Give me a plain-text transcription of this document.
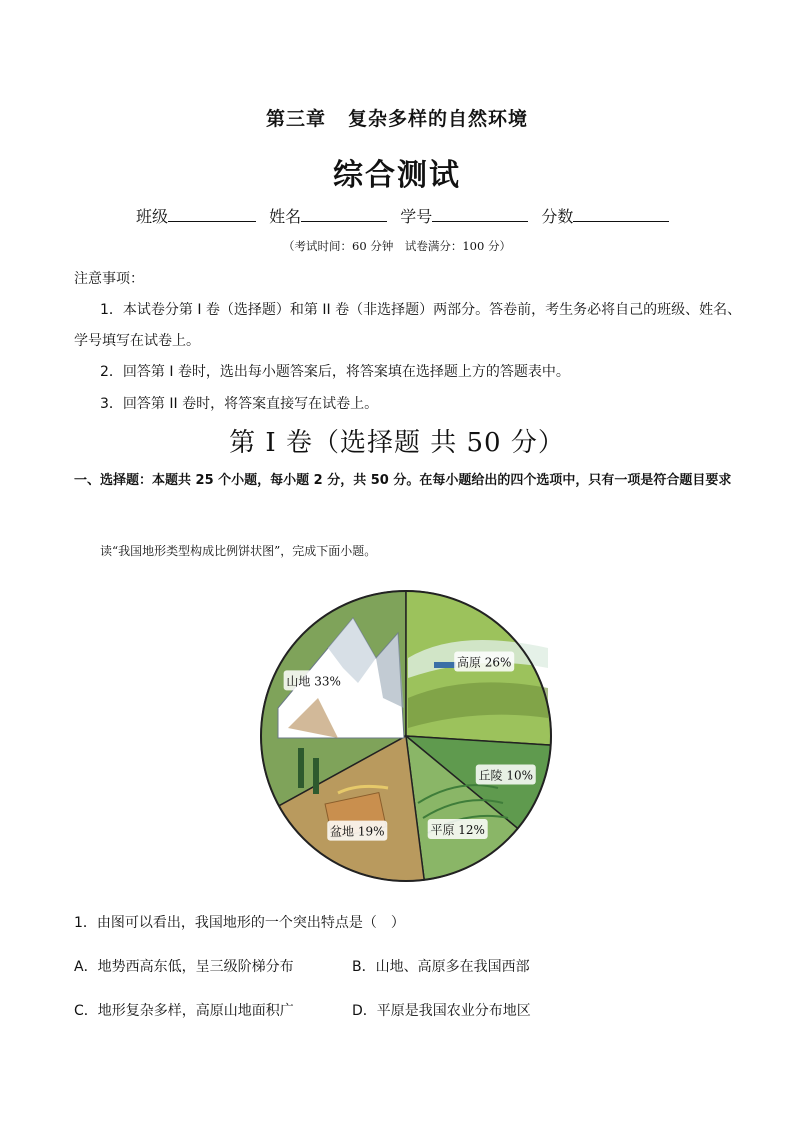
第三章 复杂多样的自然环境
综合测试
班级	姓名	学号	分数
（考试时间：60 分钟　试卷满分：100 分）
注意事项：
1．本试卷分第 I 卷（选择题）和第 II 卷（非选择题）两部分。答卷前，考生务必将自己的班级、姓名、
学号填写在试卷上。
2．回答第 I 卷时，选出每小题答案后，将答案填在选择题上方的答题表中。
3．回答第 II 卷时，将答案直接写在试卷上。
第 I 卷（选择题 共 50 分）
一、选择题：本题共 25 个小题，每小题 2 分，共 50 分。在每小题给出的四个选项中，只有一项是符合题目要求
读“我国地形类型构成比例饼状图”，完成下面小题。
山地 33%
高原 26%
丘陵 10%
平原 12%
盆地 19%
1．由图可以看出，我国地形的一个突出特点是（　）
A．地势西高东低，呈三级阶梯分布	B．山地、高原多在我国西部
C．地形复杂多样，高原山地面积广	D．平原是我国农业分布地区
